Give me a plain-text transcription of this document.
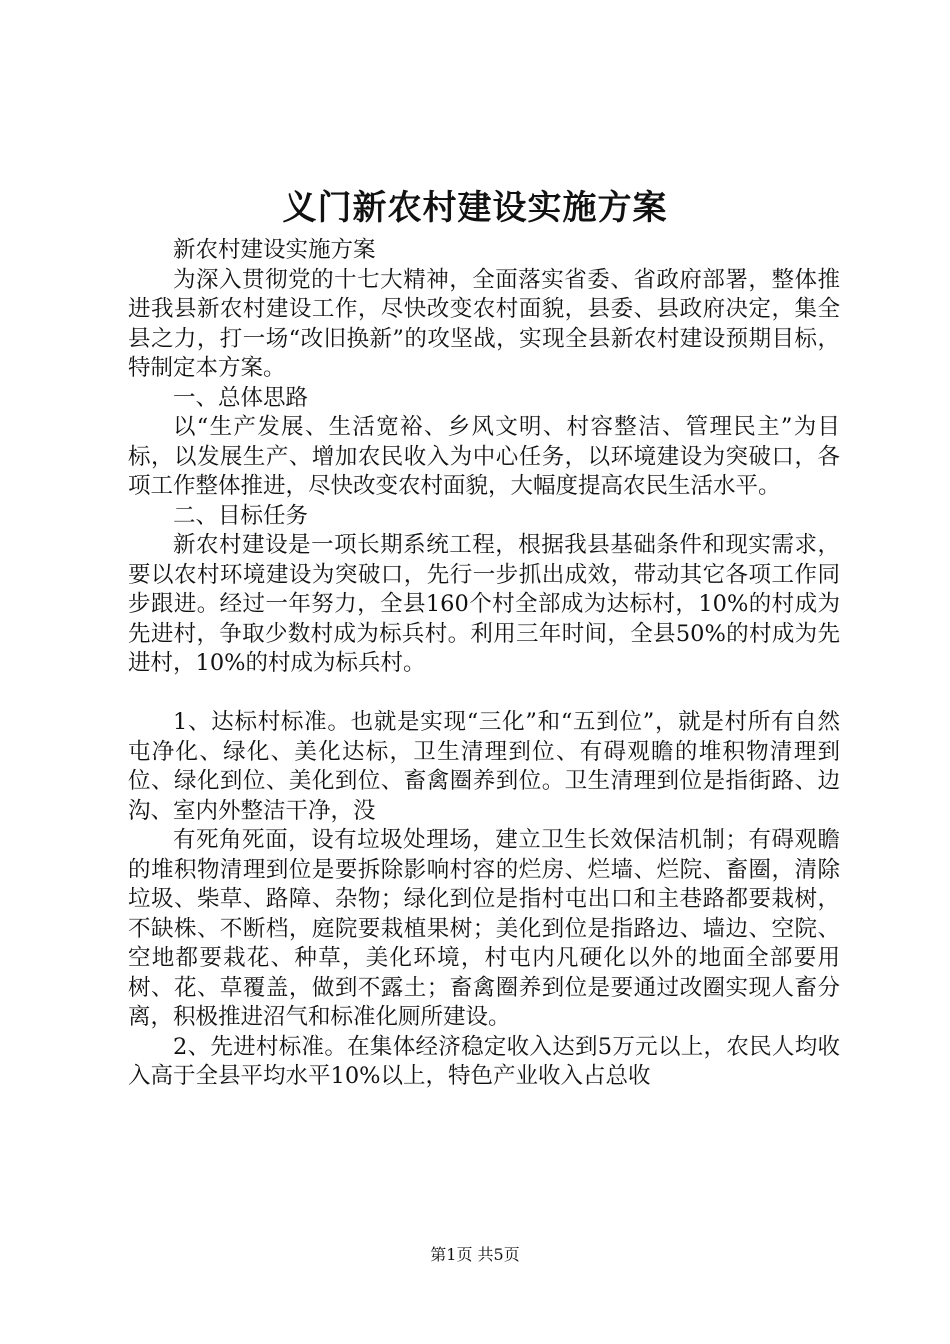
义门新农村建设实施方案

新农村建设实施方案

为深入贯彻党的十七大精神，全面落实省委、省政府部署，整体推进我县新农村建设工作，尽快改变农村面貌，县委、县政府决定，集全县之力，打一场“改旧换新”的攻坚战，实现全县新农村建设预期目标，特制定本方案。

一、总体思路

以“生产发展、生活宽裕、乡风文明、村容整洁、管理民主”为目标，以发展生产、增加农民收入为中心任务，以环境建设为突破口，各项工作整体推进，尽快改变农村面貌，大幅度提高农民生活水平。

二、目标任务

新农村建设是一项长期系统工程，根据我县基础条件和现实需求，要以农村环境建设为突破口，先行一步抓出成效，带动其它各项工作同步跟进。经过一年努力，全县160个村全部成为达标村，10%的村成为先进村，争取少数村成为标兵村。利用三年时间，全县50%的村成为先进村，10%的村成为标兵村。

1、达标村标准。也就是实现“三化”和“五到位”，就是村所有自然屯净化、绿化、美化达标，卫生清理到位、有碍观瞻的堆积物清理到位、绿化到位、美化到位、畜禽圈养到位。卫生清理到位是指街路、边沟、室内外整洁干净，没

有死角死面，设有垃圾处理场，建立卫生长效保洁机制；有碍观瞻的堆积物清理到位是要拆除影响村容的烂房、烂墙、烂院、畜圈，清除垃圾、柴草、路障、杂物；绿化到位是指村屯出口和主巷路都要栽树，不缺株、不断档，庭院要栽植果树；美化到位是指路边、墙边、空院、空地都要栽花、种草，美化环境，村屯内凡硬化以外的地面全部要用树、花、草覆盖，做到不露土；畜禽圈养到位是要通过改圈实现人畜分离，积极推进沼气和标准化厕所建设。

2、先进村标准。在集体经济稳定收入达到5万元以上，农民人均收入高于全县平均水平10%以上，特色产业收入占总收

第1页 共5页
